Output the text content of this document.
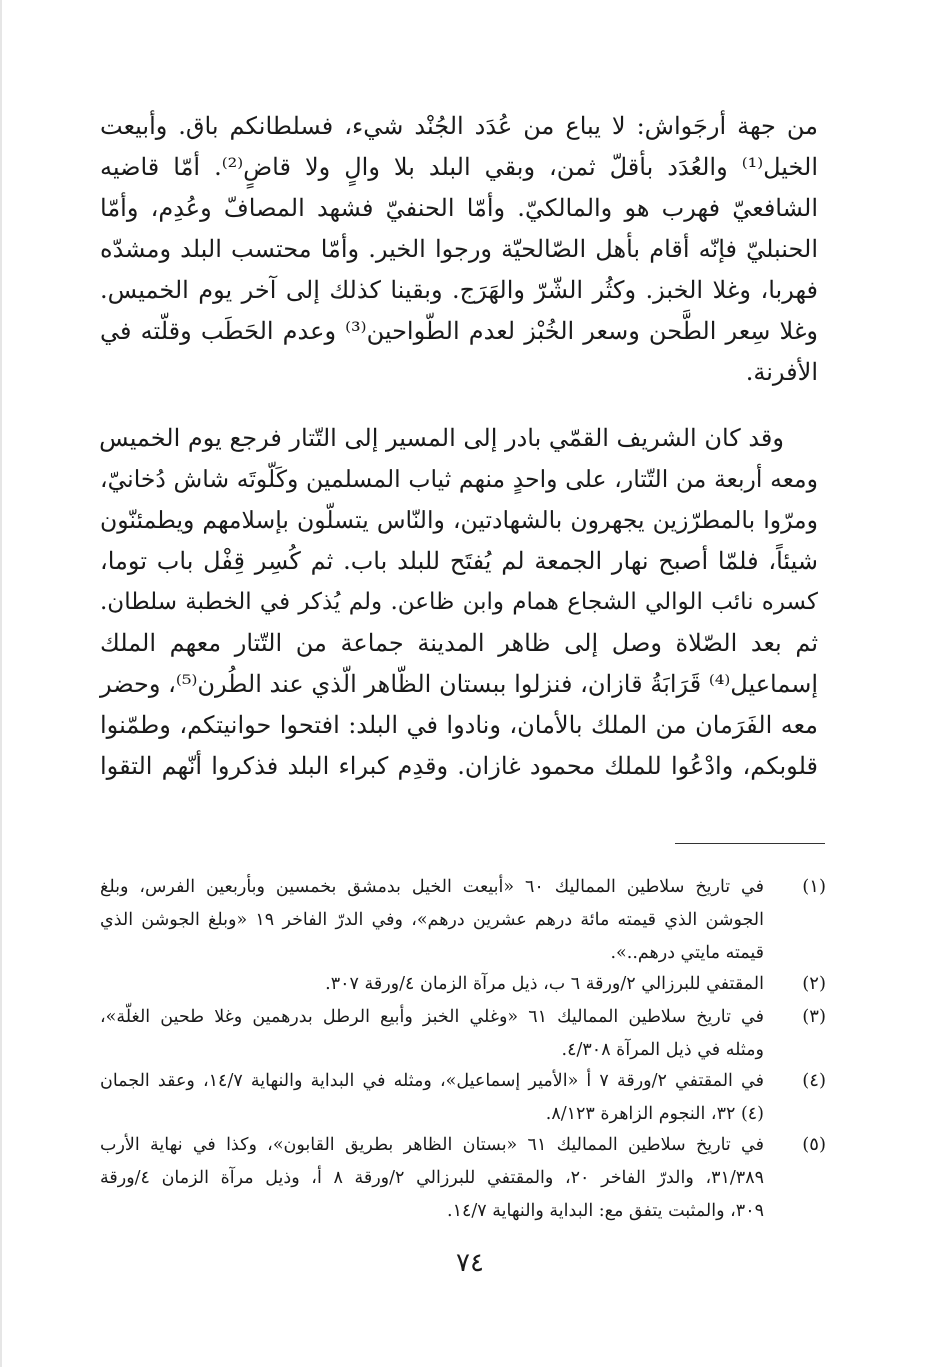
من جهة أرجَواش: لا يباع من عُدَد الجُنْد شيء، فسلطانكم باق. وأبيعت
الخيل⁽¹⁾ والعُدَد بأقلّ ثمن، وبقي البلد بلا والٍ ولا قاضٍ⁽²⁾. أمّا قاضيه
الشافعيّ فهرب هو والمالكيّ. وأمّا الحنفيّ فشهد المصافّ وعُدِم، وأمّا
الحنبليّ فإنّه أقام بأهل الصّالحيّة ورجوا الخير. وأمّا محتسب البلد ومشدّه
فهربا، وغلا الخبز. وكثُر الشّرّ والهَرَج. وبقينا كذلك إلى آخر يوم الخميس.
وغلا سِعر الطَّحن وسعر الخُبْز لعدم الطّواحين⁽³⁾ وعدم الحَطَب وقلّته في
الأفرنة.
وقد كان الشريف القمّي بادر إلى المسير إلى التّتار فرجع يوم الخميس
ومعه أربعة من التّتار، على واحدٍ منهم ثياب المسلمين وكَلّوتَه شاش دُخانيّ،
ومرّوا بالمطرّزين يجهرون بالشهادتين، والنّاس يتسلّون بإسلامهم ويطمئنّون
شيئاً، فلمّا أصبح نهار الجمعة لم يُفتَح للبلد باب. ثم كُسِر قِفْل باب توما،
كسره نائب الوالي الشجاع همام وابن ظاعن. ولم يُذكر في الخطبة سلطان.
ثم بعد الصّلاة وصل إلى ظاهر المدينة جماعة من التّتار معهم الملك
إسماعيل⁽⁴⁾ قَرَابَةُ قازان، فنزلوا ببستان الظّاهر الّذي عند الطُرن⁽⁵⁾، وحضر
معه الفَرَمان من الملك بالأمان، ونادوا في البلد: افتحوا حوانيتكم، وطمّنوا
قلوبكم، وادْعُوا للملك محمود غازان. وقدِم كبراء البلد فذكروا أنّهم التقوا
(١)
في تاريخ سلاطين المماليك ٦٠ «أبيعت الخيل بدمشق بخمسين وبأربعين الفرس، وبلغ
الجوشن الذي قيمته مائة درهم عشرين درهم»، وفي الدرّ الفاخر ١٩ «وبلغ الجوشن الذي
قيمته مايتي درهم..».
(٢)
المقتفي للبرزالي ٢/ورقة ٦ ب، ذيل مرآة الزمان ٤/ورقة ٣٠٧.
(٣)
في تاريخ سلاطين المماليك ٦١ «وغلي الخبز وأبيع الرطل بدرهمين وغلا طحين الغلّة»،
ومثله في ذيل المرآة ٤/٣٠٨.
(٤)
في المقتفي ٢/ورقة ٧ أ «الأمير إسماعيل»، ومثله في البداية والنهاية ١٤/٧، وعقد الجمان
(٤) ٣٢، النجوم الزاهرة ٨/١٢٣.
(٥)
في تاريخ سلاطين المماليك ٦١ «بستان الظاهر بطريق القابون»، وكذا في نهاية الأرب
٣١/٣٨٩، والدرّ الفاخر ٢٠، والمقتفي للبرزالي ٢/ورقة ٨ أ، وذيل مرآة الزمان ٤/ورقة
٣٠٩، والمثبت يتفق مع: البداية والنهاية ١٤/٧.
٧٤
